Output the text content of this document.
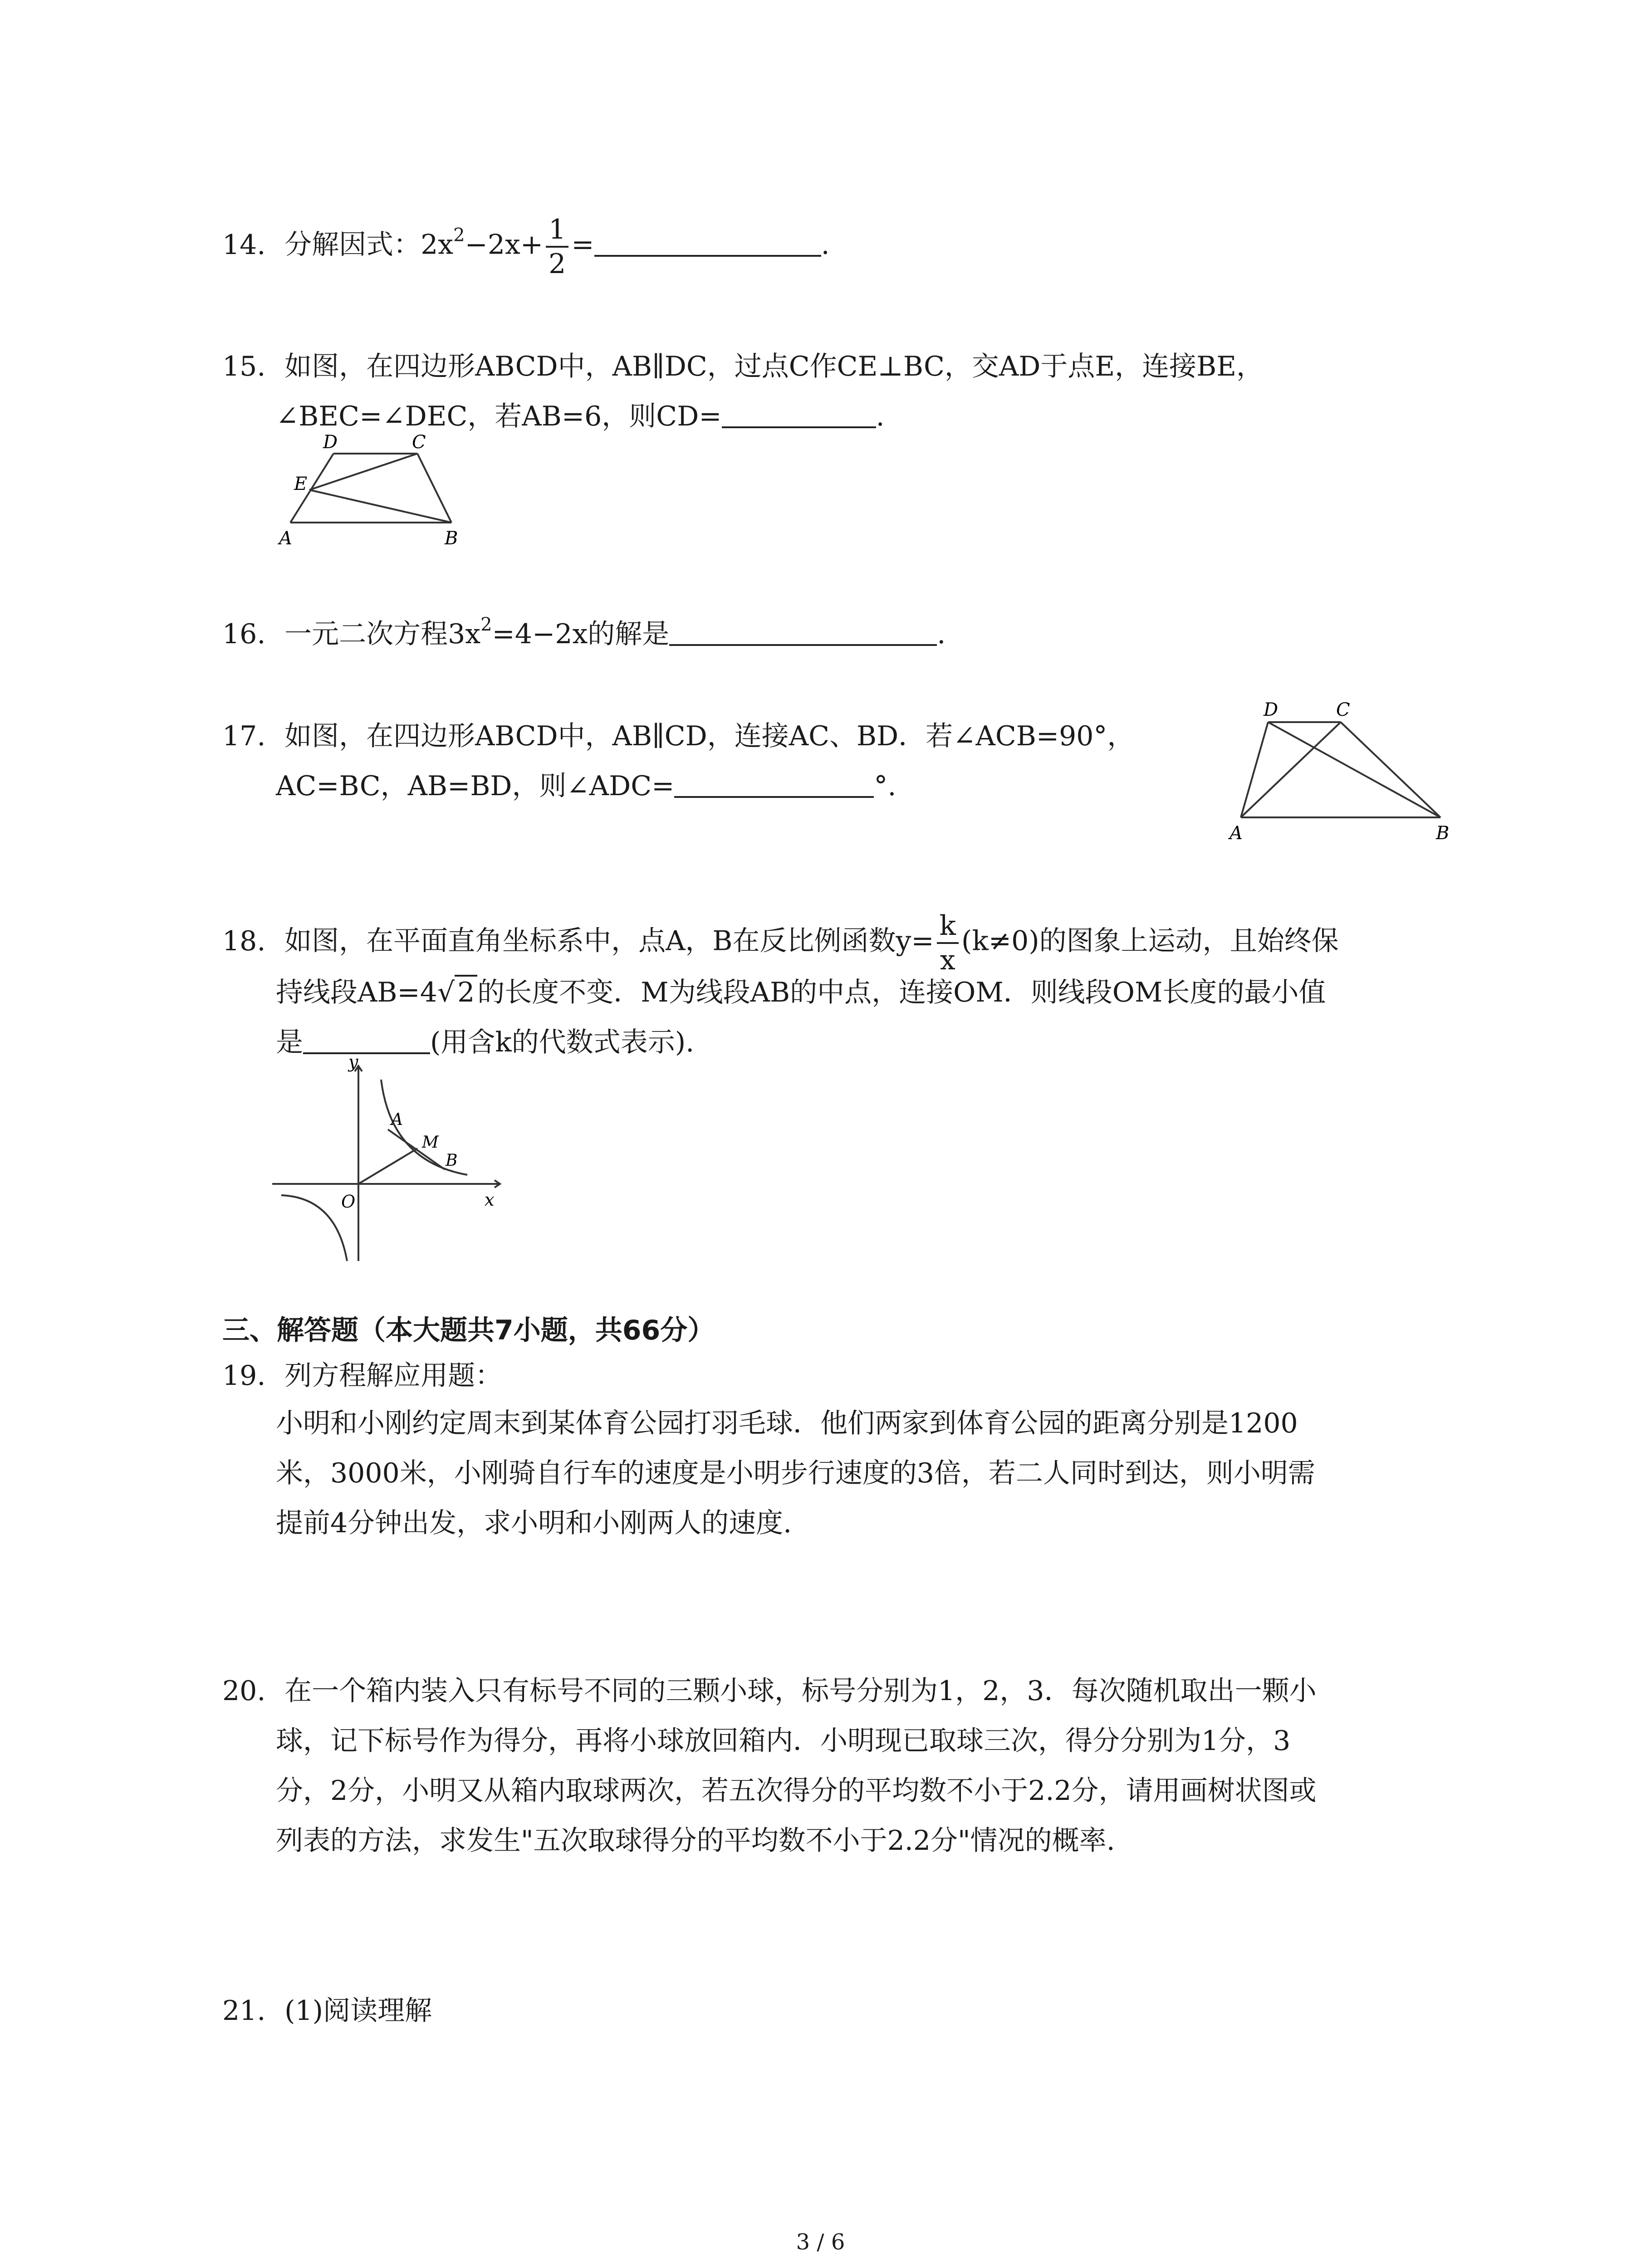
14. 分解因式：$2x^2-2x+ \frac{1}{2}$ =	.
15. 如图，在四边形ABCD中，AB∥DC，过点C作CE⊥BC，交AD于点E，连接BE，
∠BEC=∠DEC，若AB=6，则CD=	.
D	C
E
A	B
16. 一元二次方程$3x^2=4-2x$的解是	.
17. 如图，在四边形ABCD中，AB∥CD，连接AC、BD．若∠ACB=90°，
AC=BC，AB=BD，则∠ADC=	°.
D	C
A	B
18. 如图，在平面直角坐标系中，点A，B在反比例函数$y= \frac{k}{x} (k\ne 0)$的图象上运动，且始终保
持线段AB=4√ 2 的长度不变．M为线段AB的中点，连接OM．则线段OM长度的最小值
是	(用含k的代数式表示).
y
x
O
A
M
B
三、解答题（本大题共7小题，共66分）
19. 列方程解应用题：
小明和小刚约定周末到某体育公园打羽毛球．他们两家到体育公园的距离分别是1200
米，3000米，小刚骑自行车的速度是小明步行速度的3倍，若二人同时到达，则小明需
提前4分钟出发，求小明和小刚两人的速度.
20. 在一个箱内装入只有标号不同的三颗小球，标号分别为1，2，3．每次随机取出一颗小
球，记下标号作为得分，再将小球放回箱内．小明现已取球三次，得分分别为1分，3
分，2分，小明又从箱内取球两次，若五次得分的平均数不小于2.2分，请用画树状图或
列表的方法，求发生"五次取球得分的平均数不小于2.2分"情况的概率.
21. (1)阅读理解
3 / 6
